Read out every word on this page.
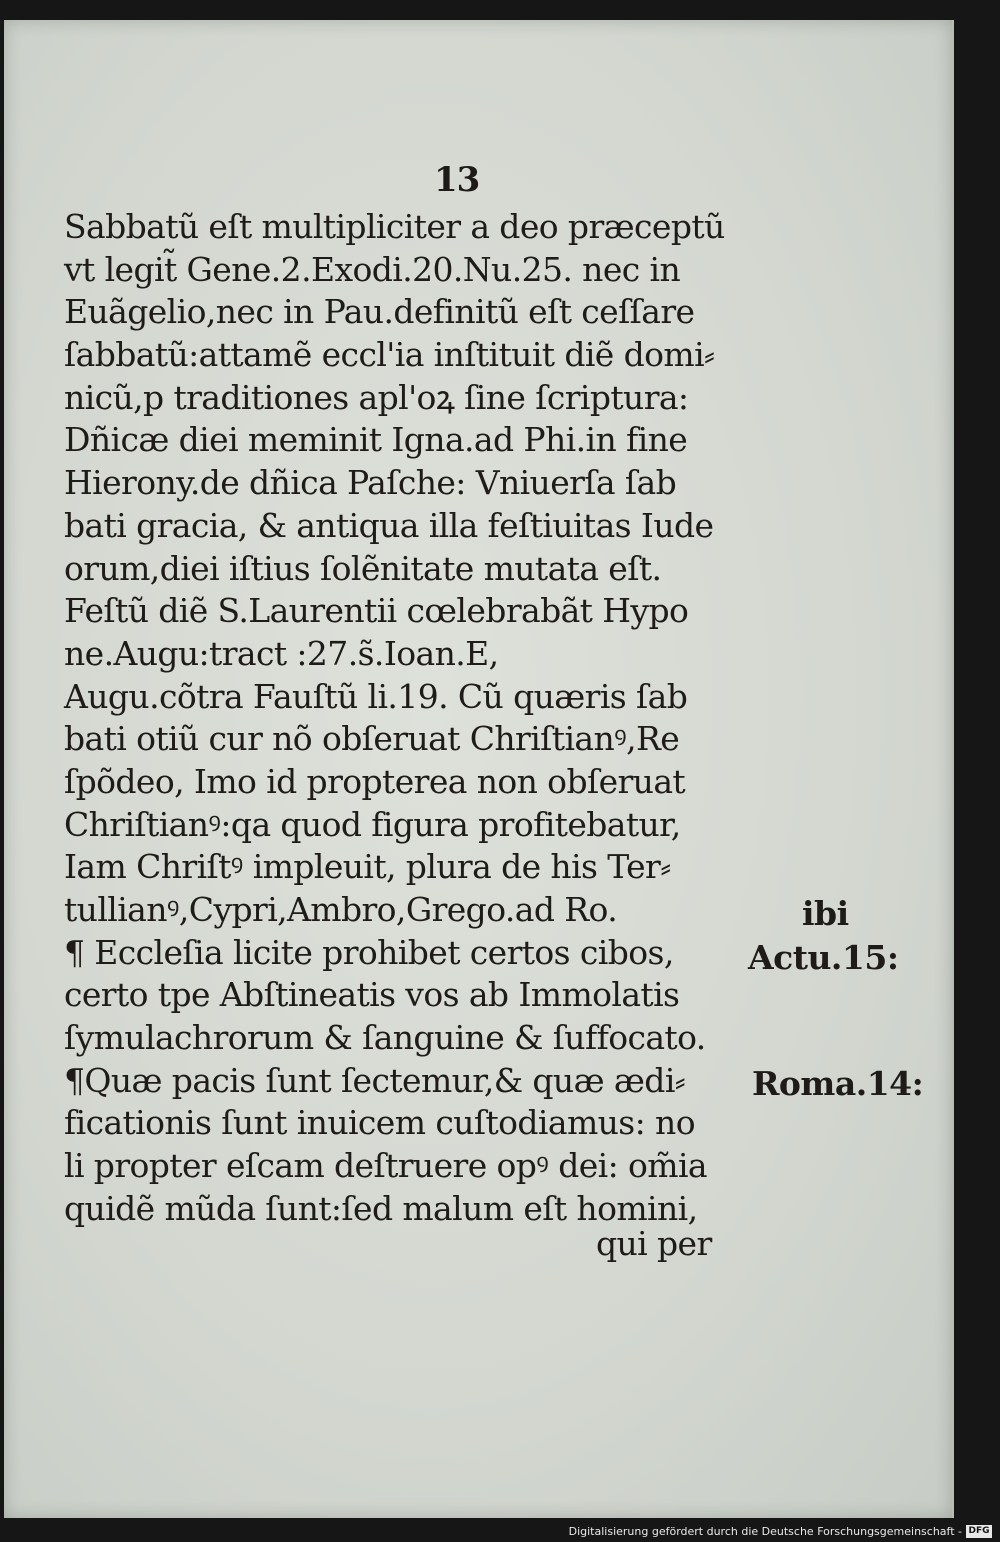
13
Sabbatũ eſt multipliciter a deo præceptũ
vt legit̃ Gene.2.Exodi.20.Nu.25. nec in
Euãgelio,nec in Pau.definitũ eſt ceſſare
ſabbatũ:attamẽ eccl'ia inſtituit diẽ domi⸗
nicũ,p traditiones apl'oꝝ ſine ſcriptura:
Dñicæ diei meminit Igna.ad Phi.in fine
Hierony.de dñica Paſche: Vniuerſa ſab
bati gracia, & antiqua illa feſtiuitas Iude
orum,diei iſtius ſolẽnitate mutata eſt.
Feſtũ diẽ S.Laurentii cœlebrabãt Hypo
ne.Augu:tract :27.s̃.Ioan.E,
Augu.cõtra Fauſtũ li.19. Cũ quæris ſab
bati otiũ cur nõ obſeruat Chriſtianꝰ,Re
ſpõdeo, Imo id propterea non obſeruat
Chriſtianꝰ:qa quod figura profitebatur,
Iam Chriſtꝰ impleuit, plura de his Ter⸗
tullianꝰ,Cypri,Ambro,Grego.ad Ro.
¶ Eccleſia licite prohibet certos cibos,
certo tpe Abſtineatis vos ab Immolatis
ſymulachrorum & ſanguine & ſuffocato.
¶Quæ pacis ſunt ſectemur,& quæ ædi⸗
ficationis ſunt inuicem cuſtodiamus: no
li propter eſcam deſtruere opꝰ dei: om̃ia
quidẽ mũda ſunt:ſed malum eſt homini,
qui per
ibi
Actu.15:
Roma.14:
Digitalisierung gefördert durch die Deutsche Forschungsgemeinschaft - DFG
